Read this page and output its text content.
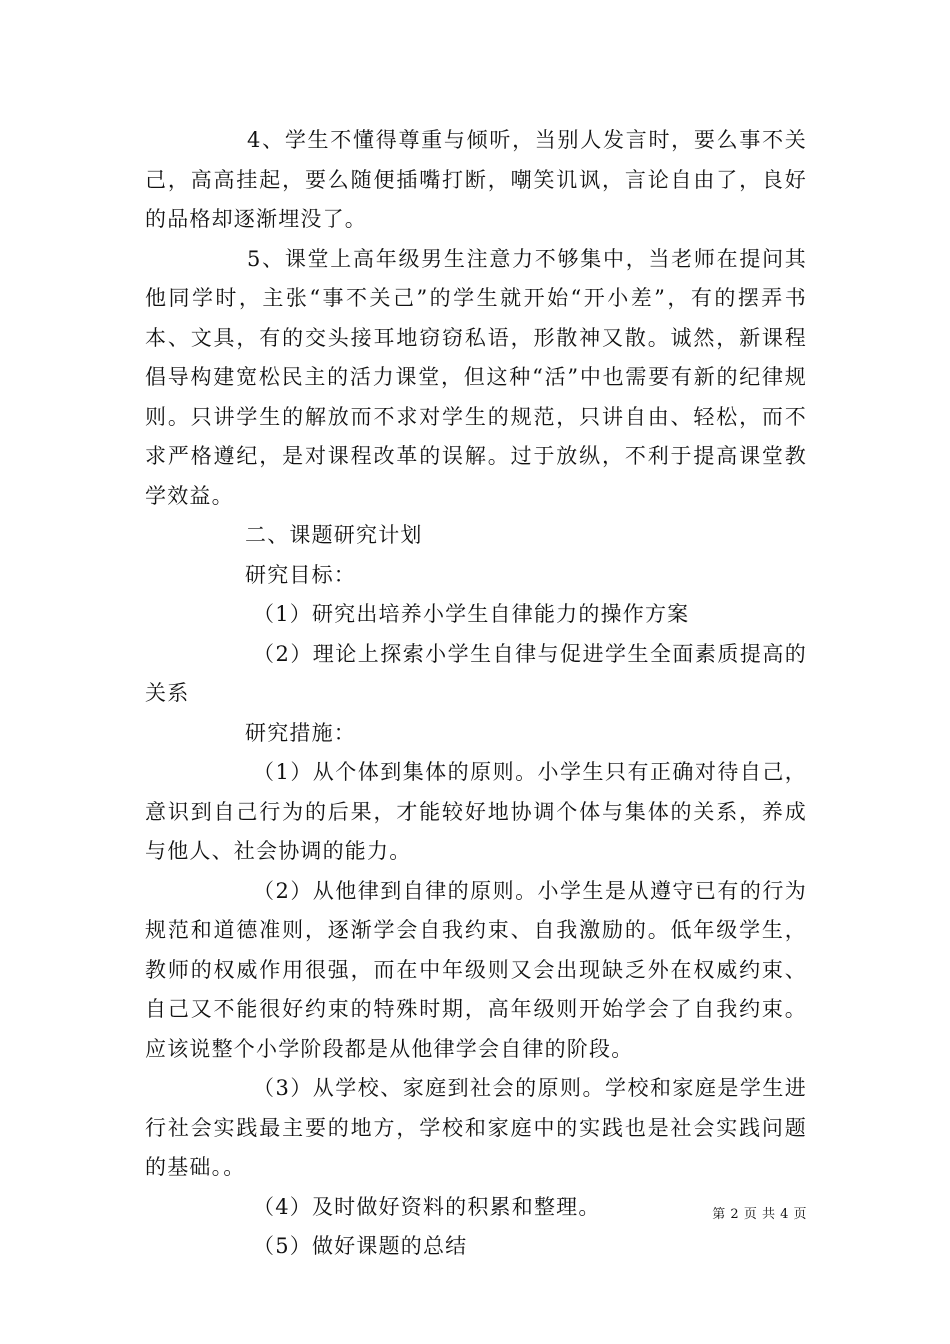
4、学生不懂得尊重与倾听，当别人发言时，要么事不关己，高高挂起，要么随便插嘴打断，嘲笑讥讽，言论自由了，良好的品格却逐渐埋没了。

5、课堂上高年级男生注意力不够集中，当老师在提问其他同学时，主张“事不关己”的学生就开始“开小差”，有的摆弄书本、文具，有的交头接耳地窃窃私语，形散神又散。诚然，新课程倡导构建宽松民主的活力课堂，但这种“活”中也需要有新的纪律规则。只讲学生的解放而不求对学生的规范，只讲自由、轻松，而不求严格遵纪，是对课程改革的误解。过于放纵，不利于提高课堂教学效益。

二、课题研究计划

研究目标：

（1）研究出培养小学生自律能力的操作方案

（2）理论上探索小学生自律与促进学生全面素质提高的关系

研究措施：

（1）从个体到集体的原则。小学生只有正确对待自己，意识到自己行为的后果，才能较好地协调个体与集体的关系，养成与他人、社会协调的能力。

（2）从他律到自律的原则。小学生是从遵守已有的行为规范和道德准则，逐渐学会自我约束、自我激励的。低年级学生，教师的权威作用很强，而在中年级则又会出现缺乏外在权威约束、自己又不能很好约束的特殊时期，高年级则开始学会了自我约束。应该说整个小学阶段都是从他律学会自律的阶段。

（3）从学校、家庭到社会的原则。学校和家庭是学生进行社会实践最主要的地方，学校和家庭中的实践也是社会实践问题的基础。。

（4）及时做好资料的积累和整理。

（5）做好课题的总结

第 2 页 共 4 页
